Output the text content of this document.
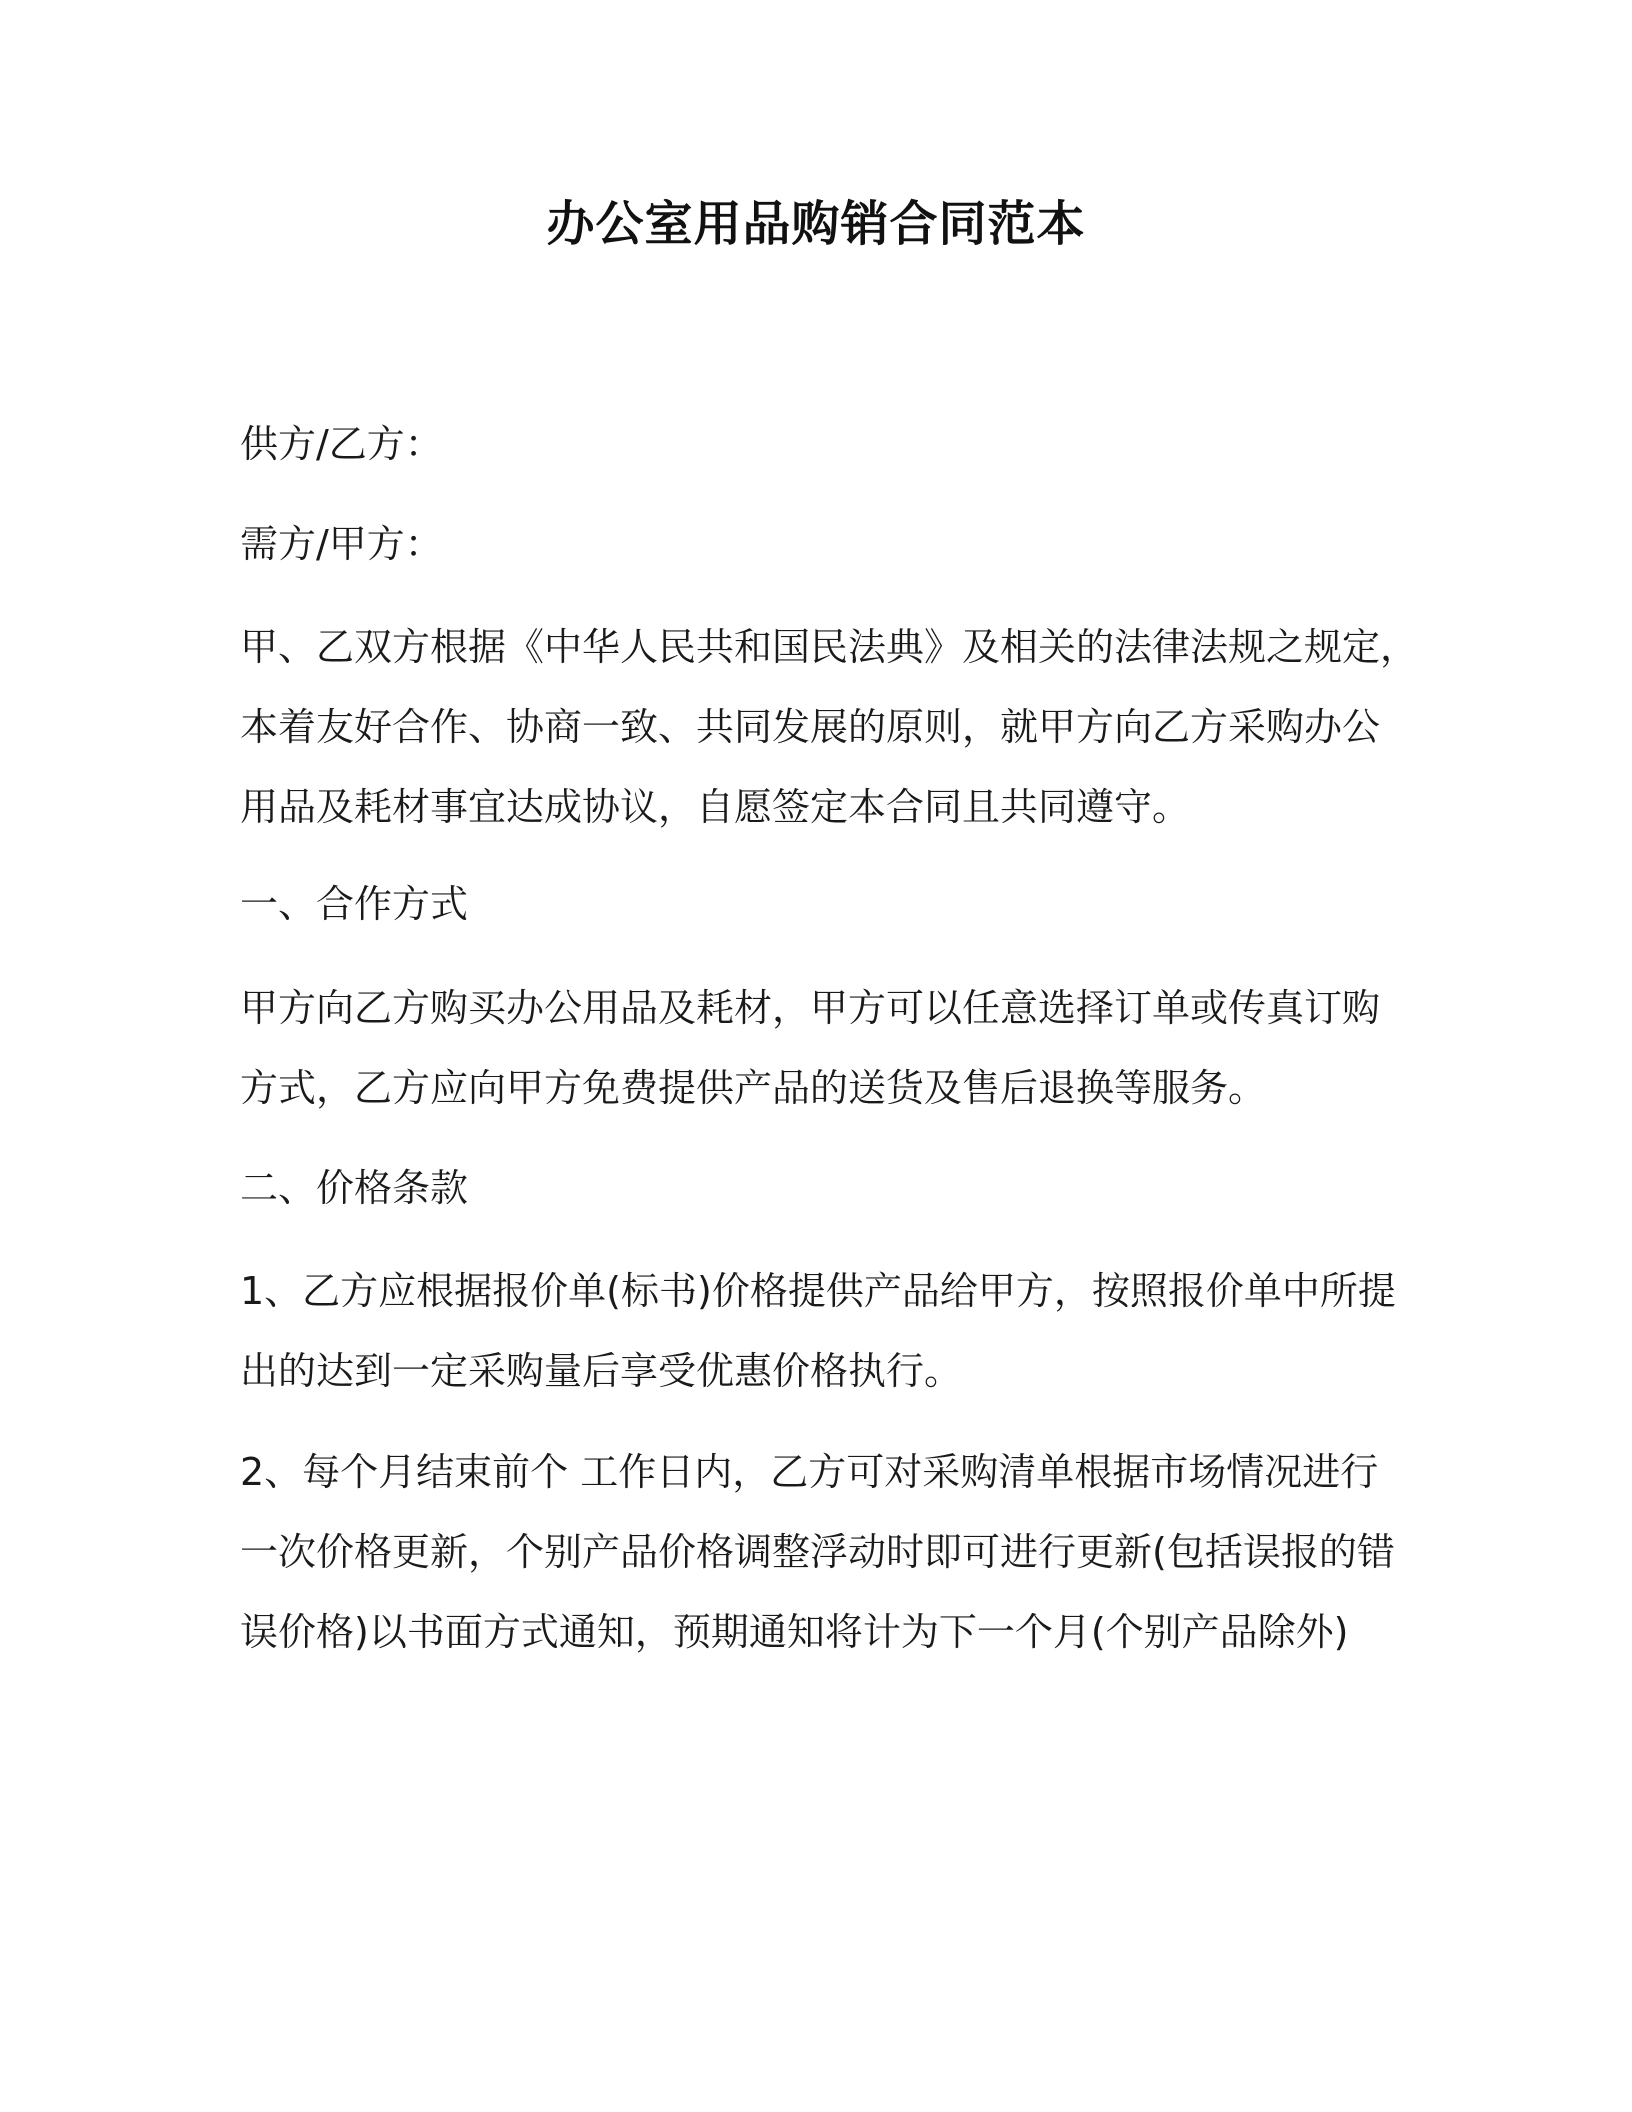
办公室用品购销合同范本

供方/乙方：

需方/甲方：

甲、乙双方根据《中华人民共和国民法典》及相关的法律法规之规定，

本着友好合作、协商一致、共同发展的原则，就甲方向乙方采购办公

用品及耗材事宜达成协议，自愿签定本合同且共同遵守。

一、合作方式

甲方向乙方购买办公用品及耗材，甲方可以任意选择订单或传真订购

方式，乙方应向甲方免费提供产品的送货及售后退换等服务。

二、价格条款

1、乙方应根据报价单(标书)价格提供产品给甲方，按照报价单中所提

出的达到一定采购量后享受优惠价格执行。

2、每个月结束前个 工作日内，乙方可对采购清单根据市场情况进行

一次价格更新，个别产品价格调整浮动时即可进行更新(包括误报的错

误价格)以书面方式通知，预期通知将计为下一个月(个别产品除外)
